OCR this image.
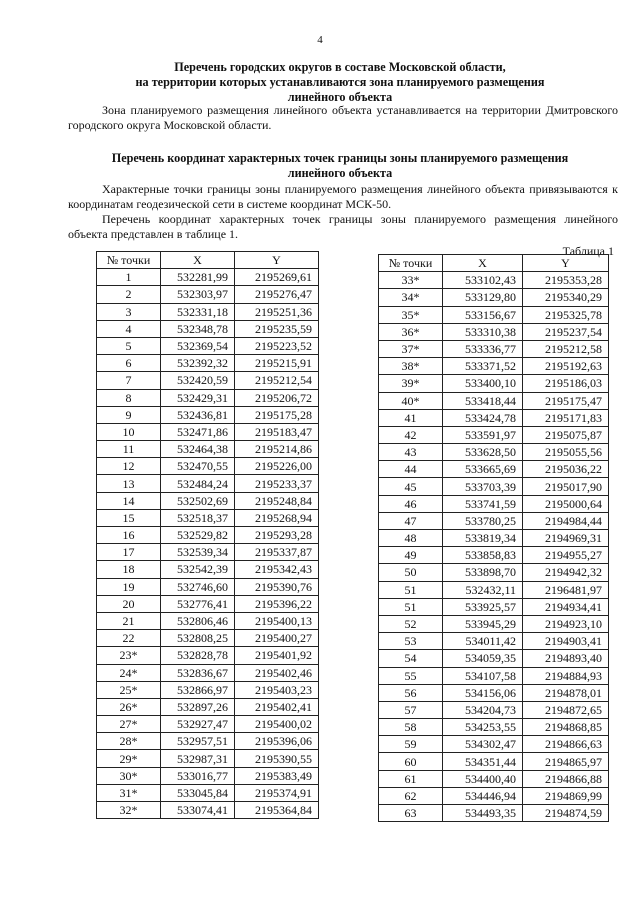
4
Перечень городских округов в составе Московской области,
на территории которых устанавливаются зона планируемого размещения
линейного объекта
Зона планируемого размещения линейного объекта устанавливается на территории Дмитровского городского округа Московской области.
Перечень координат характерных точек границы зоны планируемого размещения
линейного объекта
Характерные точки границы зоны планируемого размещения линейного объекта привязываются к координатам геодезической сети в системе координат МСК-50.
Перечень координат характерных точек границы зоны планируемого размещения линейного объекта представлен в таблице 1.
Таблица 1
№ точки	X	Y
1	532281,99	2195269,61
2	532303,97	2195276,47
3	532331,18	2195251,36
4	532348,78	2195235,59
5	532369,54	2195223,52
6	532392,32	2195215,91
7	532420,59	2195212,54
8	532429,31	2195206,72
9	532436,81	2195175,28
10	532471,86	2195183,47
11	532464,38	2195214,86
12	532470,55	2195226,00
13	532484,24	2195233,37
14	532502,69	2195248,84
15	532518,37	2195268,94
16	532529,82	2195293,28
17	532539,34	2195337,87
18	532542,39	2195342,43
19	532746,60	2195390,76
20	532776,41	2195396,22
21	532806,46	2195400,13
22	532808,25	2195400,27
23*	532828,78	2195401,92
24*	532836,67	2195402,46
25*	532866,97	2195403,23
26*	532897,26	2195402,41
27*	532927,47	2195400,02
28*	532957,51	2195396,06
29*	532987,31	2195390,55
30*	533016,77	2195383,49
31*	533045,84	2195374,91
32*	533074,41	2195364,84
№ точки	X	Y
33*	533102,43	2195353,28
34*	533129,80	2195340,29
35*	533156,67	2195325,78
36*	533310,38	2195237,54
37*	533336,77	2195212,58
38*	533371,52	2195192,63
39*	533400,10	2195186,03
40*	533418,44	2195175,47
41	533424,78	2195171,83
42	533591,97	2195075,87
43	533628,50	2195055,56
44	533665,69	2195036,22
45	533703,39	2195017,90
46	533741,59	2195000,64
47	533780,25	2194984,44
48	533819,34	2194969,31
49	533858,83	2194955,27
50	533898,70	2194942,32
51	532432,11	2196481,97
51	533925,57	2194934,41
52	533945,29	2194923,10
53	534011,42	2194903,41
54	534059,35	2194893,40
55	534107,58	2194884,93
56	534156,06	2194878,01
57	534204,73	2194872,65
58	534253,55	2194868,85
59	534302,47	2194866,63
60	534351,44	2194865,97
61	534400,40	2194866,88
62	534446,94	2194869,99
63	534493,35	2194874,59
